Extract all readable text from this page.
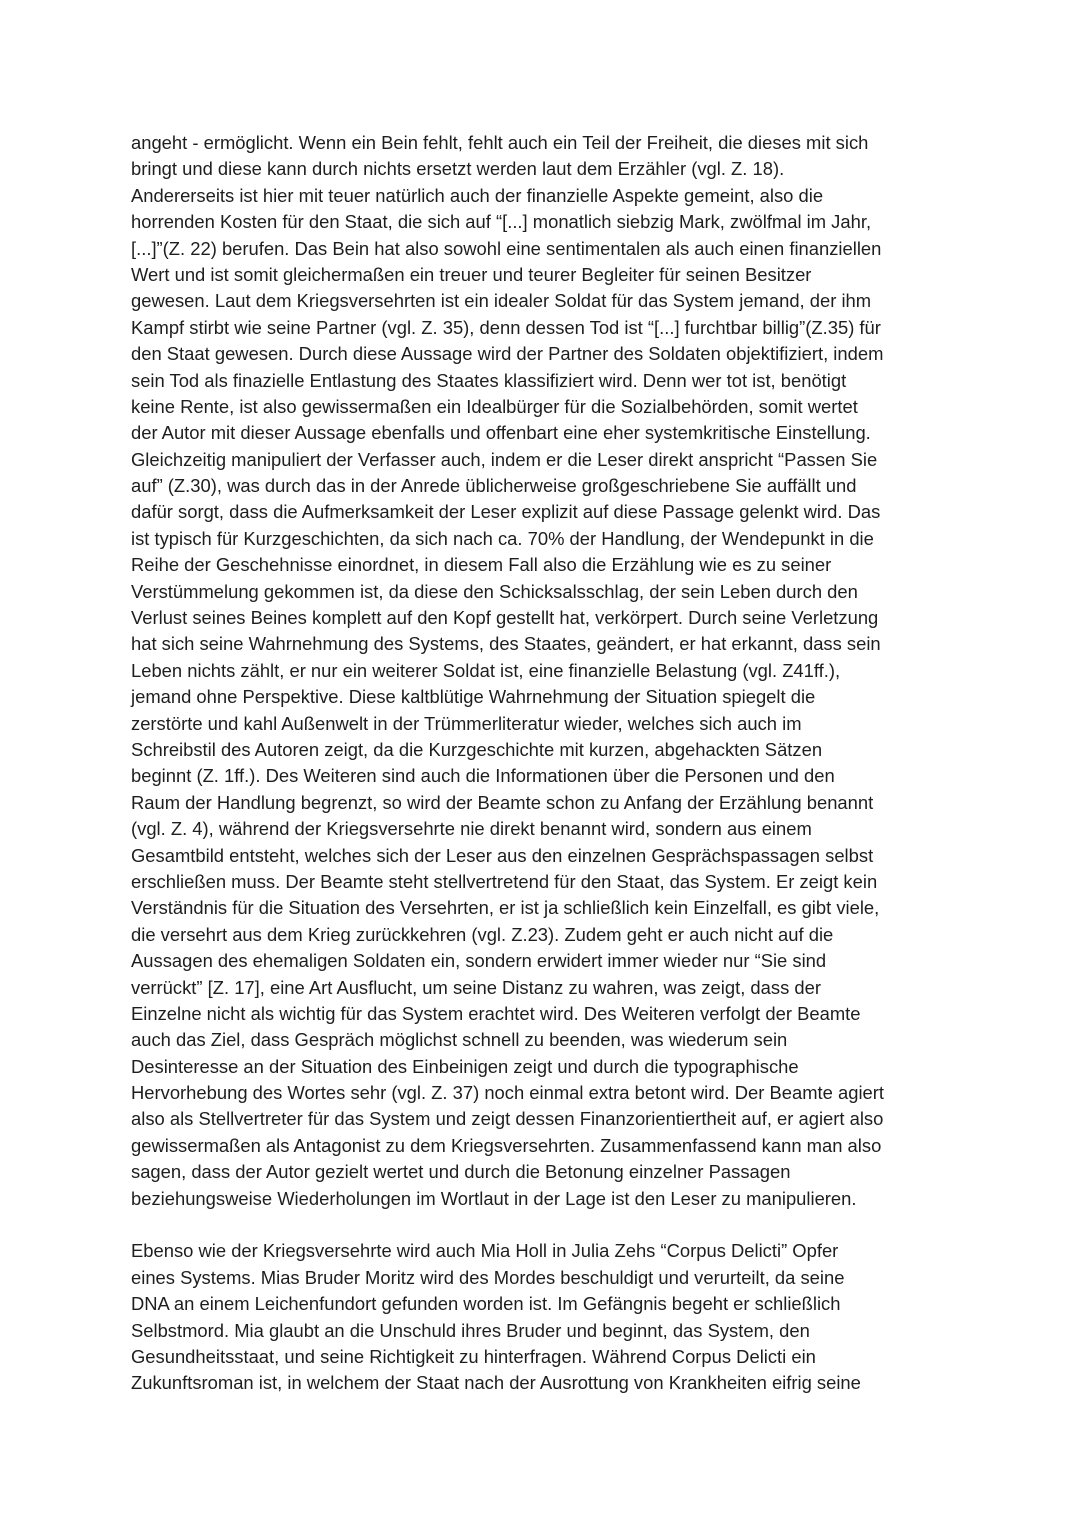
angeht - ermöglicht. Wenn ein Bein fehlt, fehlt auch ein Teil der Freiheit, die dieses mit sich
bringt und diese kann durch nichts ersetzt werden laut dem Erzähler (vgl. Z. 18).
Andererseits ist hier mit teuer natürlich auch der finanzielle Aspekte gemeint, also die
horrenden Kosten für den Staat, die sich auf “[...] monatlich siebzig Mark, zwölfmal im Jahr,
[...]”(Z. 22) berufen. Das Bein hat also sowohl eine sentimentalen als auch einen finanziellen
Wert und ist somit gleichermaßen ein treuer und teurer Begleiter für seinen Besitzer
gewesen. Laut dem Kriegsversehrten ist ein idealer Soldat für das System jemand, der ihm
Kampf stirbt wie seine Partner (vgl. Z. 35), denn dessen Tod ist “[...] furchtbar billig”(Z.35) für
den Staat gewesen. Durch diese Aussage wird der Partner des Soldaten objektifiziert, indem
sein Tod als finazielle Entlastung des Staates klassifiziert wird. Denn wer tot ist, benötigt
keine Rente, ist also gewissermaßen ein Idealbürger für die Sozialbehörden, somit wertet
der Autor mit dieser Aussage ebenfalls und offenbart eine eher systemkritische Einstellung.
Gleichzeitig manipuliert der Verfasser auch, indem er die Leser direkt anspricht “Passen Sie
auf” (Z.30), was durch das in der Anrede üblicherweise großgeschriebene Sie auffällt und
dafür sorgt, dass die Aufmerksamkeit der Leser explizit auf diese Passage gelenkt wird. Das
ist typisch für Kurzgeschichten, da sich nach ca. 70% der Handlung, der Wendepunkt in die
Reihe der Geschehnisse einordnet, in diesem Fall also die Erzählung wie es zu seiner
Verstümmelung gekommen ist, da diese den Schicksalsschlag, der sein Leben durch den
Verlust seines Beines komplett auf den Kopf gestellt hat, verkörpert. Durch seine Verletzung
hat sich seine Wahrnehmung des Systems, des Staates, geändert, er hat erkannt, dass sein
Leben nichts zählt, er nur ein weiterer Soldat ist, eine finanzielle Belastung (vgl. Z41ff.),
jemand ohne Perspektive. Diese kaltblütige Wahrnehmung der Situation spiegelt die
zerstörte und kahl Außenwelt in der Trümmerliteratur wieder, welches sich auch im
Schreibstil des Autoren zeigt, da die Kurzgeschichte mit kurzen, abgehackten Sätzen
beginnt (Z. 1ff.). Des Weiteren sind auch die Informationen über die Personen und den
Raum der Handlung begrenzt, so wird der Beamte schon zu Anfang der Erzählung benannt
(vgl. Z. 4), während der Kriegsversehrte nie direkt benannt wird, sondern aus einem
Gesamtbild entsteht, welches sich der Leser aus den einzelnen Gesprächspassagen selbst
erschließen muss. Der Beamte steht stellvertretend für den Staat, das System. Er zeigt kein
Verständnis für die Situation des Versehrten, er ist ja schließlich kein Einzelfall, es gibt viele,
die versehrt aus dem Krieg zurückkehren (vgl. Z.23). Zudem geht er auch nicht auf die
Aussagen des ehemaligen Soldaten ein, sondern erwidert immer wieder nur “Sie sind
verrückt” [Z. 17], eine Art Ausflucht, um seine Distanz zu wahren, was zeigt, dass der
Einzelne nicht als wichtig für das System erachtet wird. Des Weiteren verfolgt der Beamte
auch das Ziel, dass Gespräch möglichst schnell zu beenden, was wiederum sein
Desinteresse an der Situation des Einbeinigen zeigt und durch die typographische
Hervorhebung des Wortes sehr (vgl. Z. 37) noch einmal extra betont wird. Der Beamte agiert
also als Stellvertreter für das System und zeigt dessen Finanzorientiertheit auf, er agiert also
gewissermaßen als Antagonist zu dem Kriegsversehrten. Zusammenfassend kann man also
sagen, dass der Autor gezielt wertet und durch die Betonung einzelner Passagen
beziehungsweise Wiederholungen im Wortlaut in der Lage ist den Leser zu manipulieren.
Ebenso wie der Kriegsversehrte wird auch Mia Holl in Julia Zehs “Corpus Delicti” Opfer
eines Systems. Mias Bruder Moritz wird des Mordes beschuldigt und verurteilt, da seine
DNA an einem Leichenfundort gefunden worden ist. Im Gefängnis begeht er schließlich
Selbstmord. Mia glaubt an die Unschuld ihres Bruder und beginnt, das System, den
Gesundheitsstaat, und seine Richtigkeit zu hinterfragen. Während Corpus Delicti ein
Zukunftsroman ist, in welchem der Staat nach der Ausrottung von Krankheiten eifrig seine
